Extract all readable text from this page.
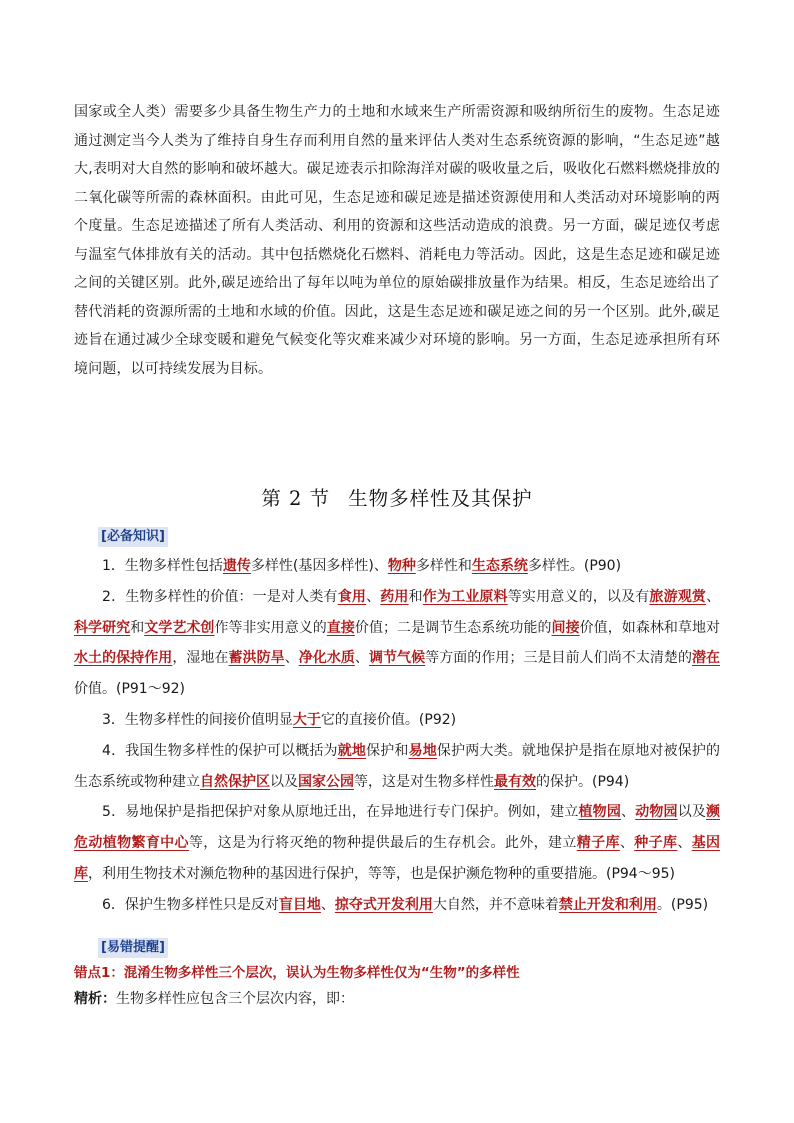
国家或全人类）需要多少具备生物生产力的土地和水域来生产所需资源和吸纳所衍生的废物。生态足迹通过测定当今人类为了维持自身生存而利用自然的量来评估人类对生态系统资源的影响，“生态足迹”越大,表明对大自然的影响和破坏越大。碳足迹表示扣除海洋对碳的吸收量之后，吸收化石燃料燃烧排放的二氧化碳等所需的森林面积。由此可见，生态足迹和碳足迹是描述资源使用和人类活动对环境影响的两个度量。生态足迹描述了所有人类活动、利用的资源和这些活动造成的浪费。另一方面，碳足迹仅考虑与温室气体排放有关的活动。其中包括燃烧化石燃料、消耗电力等活动。因此，这是生态足迹和碳足迹之间的关键区别。此外,碳足迹给出了每年以吨为单位的原始碳排放量作为结果。相反，生态足迹给出了替代消耗的资源所需的土地和水域的价值。因此，这是生态足迹和碳足迹之间的另一个区别。此外,碳足迹旨在通过减少全球变暖和避免气候变化等灾难来减少对环境的影响。另一方面，生态足迹承担所有环境问题，以可持续发展为目标。
第 2 节 生物多样性及其保护
[必备知识]

1．生物多样性包括遗传多样性(基因多样性)、物种多样性和生态系统多样性。(P90)

2．生物多样性的价值：一是对人类有食用、药用和作为工业原料等实用意义的，以及有旅游观赏、科学研究和文学艺术创作等非实用意义的直接价值；二是调节生态系统功能的间接价值，如森林和草地对水土的保持作用，湿地在蓄洪防旱、净化水质、调节气候等方面的作用；三是目前人们尚不太清楚的潜在价值。(P91～92)

3．生物多样性的间接价值明显大于它的直接价值。(P92)

4．我国生物多样性的保护可以概括为就地保护和易地保护两大类。就地保护是指在原地对被保护的生态系统或物种建立自然保护区以及国家公园等，这是对生物多样性最有效的保护。(P94)

5．易地保护是指把保护对象从原地迁出，在异地进行专门保护。例如，建立植物园、动物园以及濒危动植物繁育中心等，这是为行将灭绝的物种提供最后的生存机会。此外，建立精子库、种子库、基因库，利用生物技术对濒危物种的基因进行保护，等等，也是保护濒危物种的重要措施。(P94～95)

6．保护生物多样性只是反对盲目地、掠夺式开发利用大自然，并不意味着禁止开发和利用。(P95)

[易错提醒]
错点1：混淆生物多样性三个层次，误认为生物多样性仅为“生物”的多样性
精析：生物多样性应包含三个层次内容，即：
